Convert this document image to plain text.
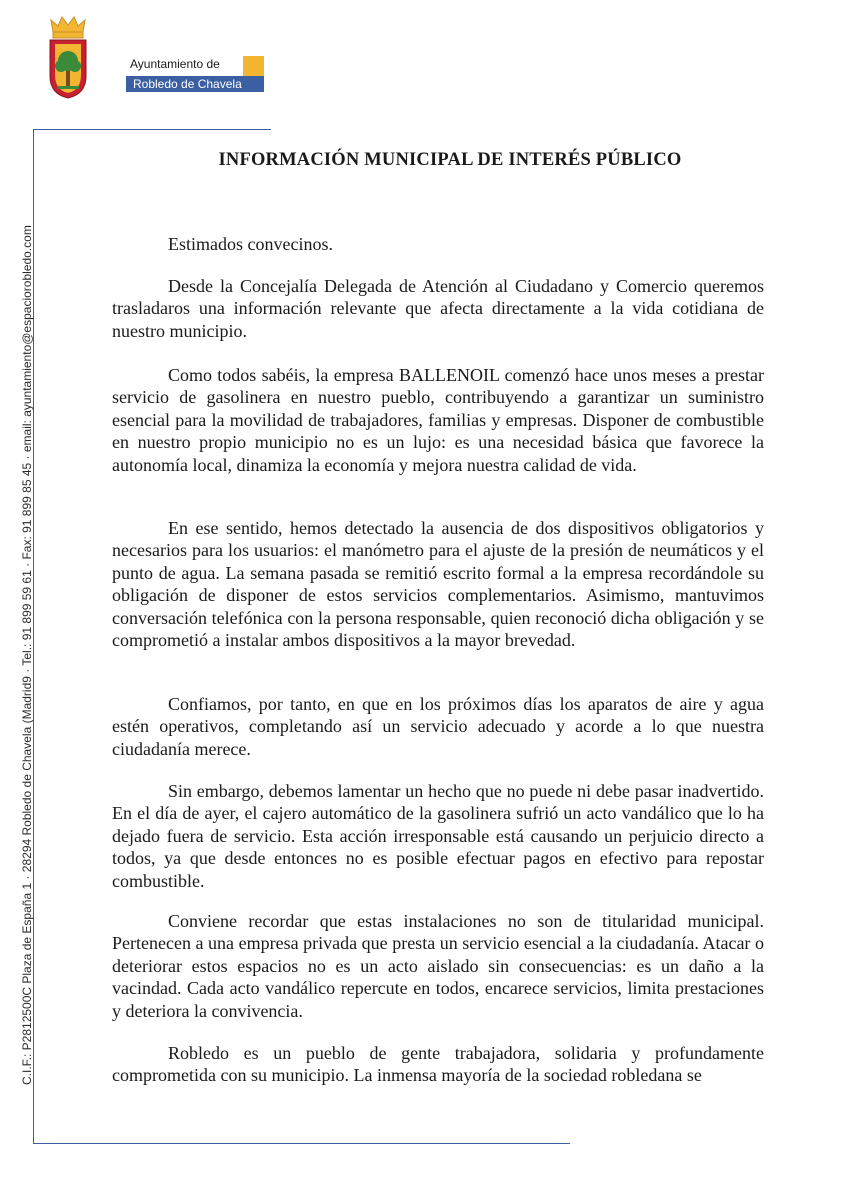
Ayuntamiento de
Robledo de Chavela
C.I.F.: P2812500C Plaza de España 1 · 28294 Robledo de Chavela (Madrid9 · Tel.: 91 899 59 61 · Fax: 91 899 85 45 · email: ayuntamiento@espaciorobledo.com
INFORMACIÓN MUNICIPAL DE INTERÉS PÚBLICO
Estimados convecinos.

Desde la Concejalía Delegada de Atención al Ciudadano y Comercio queremos trasladaros una información relevante que afecta directamente a la vida cotidiana de nuestro municipio.

Como todos sabéis, la empresa BALLENOIL comenzó hace unos meses a prestar servicio de gasolinera en nuestro pueblo, contribuyendo a garantizar un suministro esencial para la movilidad de trabajadores, familias y empresas. Disponer de combustible en nuestro propio municipio no es un lujo: es una necesidad básica que favorece la autonomía local, dinamiza la economía y mejora nuestra calidad de vida.

En ese sentido, hemos detectado la ausencia de dos dispositivos obligatorios y necesarios para los usuarios: el manómetro para el ajuste de la presión de neumáticos y el punto de agua. La semana pasada se remitió escrito formal a la empresa recordándole su obligación de disponer de estos servicios complementarios. Asimismo, mantuvimos conversación telefónica con la persona responsable, quien reconoció dicha obligación y se comprometió a instalar ambos dispositivos a la mayor brevedad.

Confiamos, por tanto, en que en los próximos días los aparatos de aire y agua estén operativos, completando así un servicio adecuado y acorde a lo que nuestra ciudadanía merece.

Sin embargo, debemos lamentar un hecho que no puede ni debe pasar inadvertido. En el día de ayer, el cajero automático de la gasolinera sufrió un acto vandálico que lo ha dejado fuera de servicio. Esta acción irresponsable está causando un perjuicio directo a todos, ya que desde entonces no es posible efectuar pagos en efectivo para repostar combustible.

Conviene recordar que estas instalaciones no son de titularidad municipal. Pertenecen a una empresa privada que presta un servicio esencial a la ciudadanía. Atacar o deteriorar estos espacios no es un acto aislado sin consecuencias: es un daño a la vacindad. Cada acto vandálico repercute en todos, encarece servicios, limita prestaciones y deteriora la convivencia.

Robledo es un pueblo de gente trabajadora, solidaria y profundamente comprometida con su municipio. La inmensa mayoría de la sociedad robledana se
